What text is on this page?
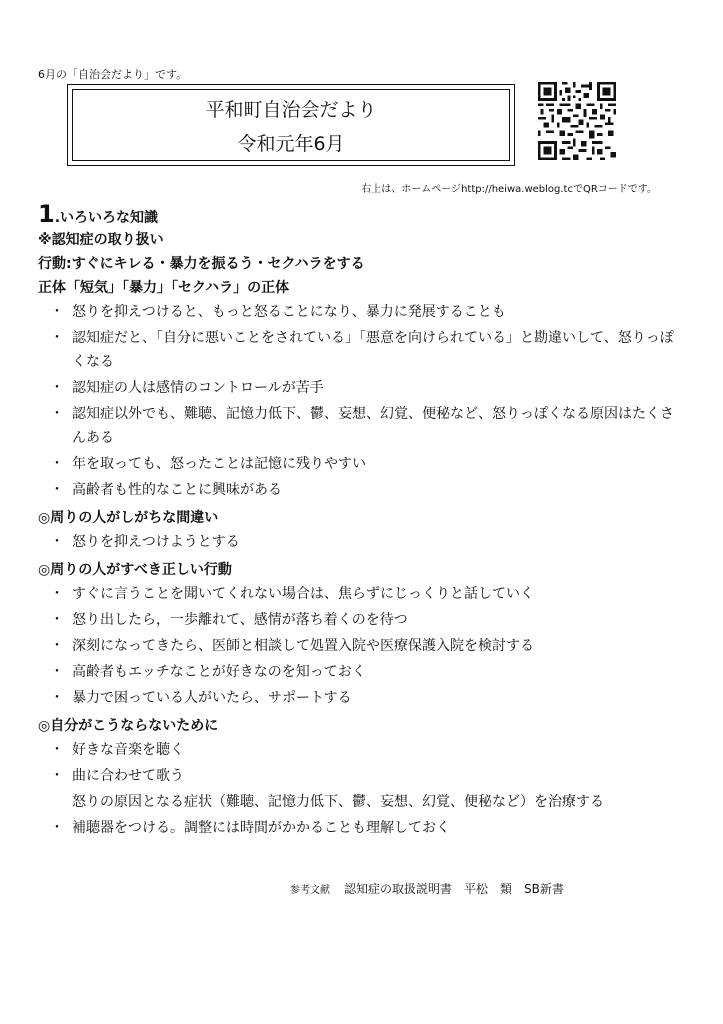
6月の「自治会だより」です。
平和町自治会だより
令和元年6月
右上は、ホームページhttp://heiwa.weblog.tcでQRコードです。
1.いろいろな知識
※認知症の取り扱い
行動:すぐにキレる・暴力を振るう・セクハラをする
正体「短気」「暴力」「セクハラ」の正体
・ 怒りを抑えつけると、もっと怒ることになり、暴力に発展することも
・ 認知症だと、「自分に悪いことをされている」「悪意を向けられている」と勘違いして、怒りっぽくなる
・ 認知症の人は感情のコントロールが苦手
・ 認知症以外でも、難聴、記憶力低下、鬱、妄想、幻覚、便秘など、怒りっぽくなる原因はたくさんある
・ 年を取っても、怒ったことは記憶に残りやすい
・ 高齢者も性的なことに興味がある
◎周りの人がしがちな間違い
・ 怒りを抑えつけようとする
◎周りの人がすべき正しい行動
・ すぐに言うことを聞いてくれない場合は、焦らずにじっくりと話していく
・ 怒り出したら，一歩離れて、感情が落ち着くのを待つ
・ 深刻になってきたら、医師と相談して処置入院や医療保護入院を検討する
・ 高齢者もエッチなことが好きなのを知っておく
・ 暴力で困っている人がいたら、サポートする
◎自分がこうならないために
・ 好きな音楽を聴く
・ 曲に合わせて歌う
怒りの原因となる症状（難聴、記憶力低下、鬱、妄想、幻覚、便秘など）を治療する
・ 補聴器をつける。調整には時間がかかることも理解しておく
参考文献 認知症の取扱説明書　平松　類　SB新書
